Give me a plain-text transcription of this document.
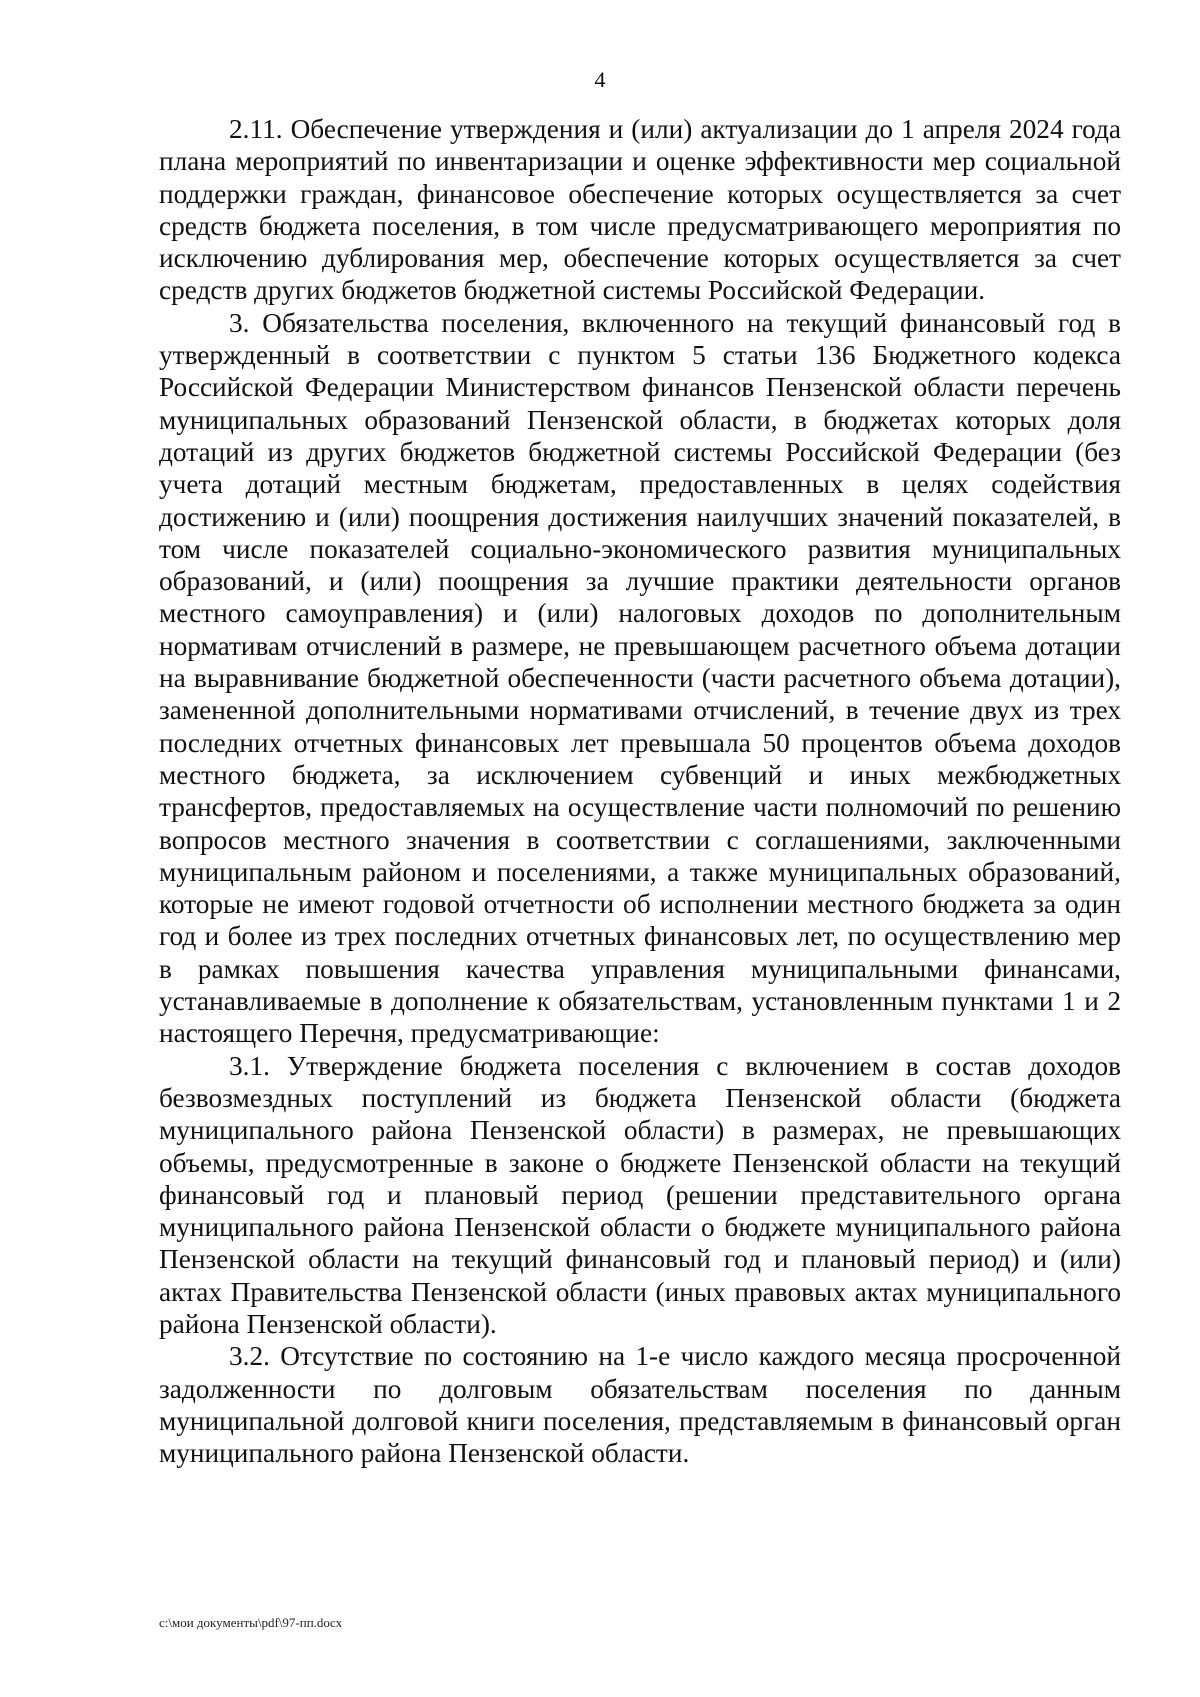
4

2.11. Обеспечение утверждения и (или) актуализации до 1 апреля 2024 года плана мероприятий по инвентаризации и оценке эффективности мер социальной поддержки граждан, финансовое обеспечение которых осуществляется за счет средств бюджета поселения, в том числе предусматривающего мероприятия по исключению дублирования мер, обеспечение которых осуществляется за счет средств других бюджетов бюджетной системы Российской Федерации.

3. Обязательства поселения, включенного на текущий финансовый год в утвержденный в соответствии с пунктом 5 статьи 136 Бюджетного кодекса Российской Федерации Министерством финансов Пензенской области перечень муниципальных образований Пензенской области, в бюджетах которых доля дотаций из других бюджетов бюджетной системы Российской Федерации (без учета дотаций местным бюджетам, предоставленных в целях содействия достижению и (или) поощрения достижения наилучших значений показателей, в том числе показателей социально-экономического развития муниципальных образований, и (или) поощрения за лучшие практики деятельности органов местного самоуправления) и (или) налоговых доходов по дополнительным нормативам отчислений в размере, не превышающем расчетного объема дотации на выравнивание бюджетной обеспеченности (части расчетного объема дотации), замененной дополнительными нормативами отчислений, в течение двух из трех последних отчетных финансовых лет превышала 50 процентов объема доходов местного бюджета, за исключением субвенций и иных межбюджетных трансфертов, предоставляемых на осуществление части полномочий по решению вопросов местного значения в соответствии с соглашениями, заключенными муниципальным районом и поселениями, а также муниципальных образований, которые не имеют годовой отчетности об исполнении местного бюджета за один год и более из трех последних отчетных финансовых лет, по осуществлению мер в рамках повышения качества управления муниципальными финансами, устанавливаемые в дополнение к обязательствам, установленным пунктами 1 и 2 настоящего Перечня, предусматривающие:

3.1. Утверждение бюджета поселения с включением в состав доходов безвозмездных поступлений из бюджета Пензенской области (бюджета муниципального района Пензенской области) в размерах, не превышающих объемы, предусмотренные в законе о бюджете Пензенской области на текущий финансовый год и плановый период (решении представительного органа муниципального района Пензенской области о бюджете муниципального района Пензенской области на текущий финансовый год и плановый период) и (или) актах Правительства Пензенской области (иных правовых актах муниципального района Пензенской области).

3.2. Отсутствие по состоянию на 1-е число каждого месяца просроченной задолженности по долговым обязательствам поселения по данным муниципальной долговой книги поселения, представляемым в финансовый орган муниципального района Пензенской области.

c:\мои документы\pdf\97-пп.docx
